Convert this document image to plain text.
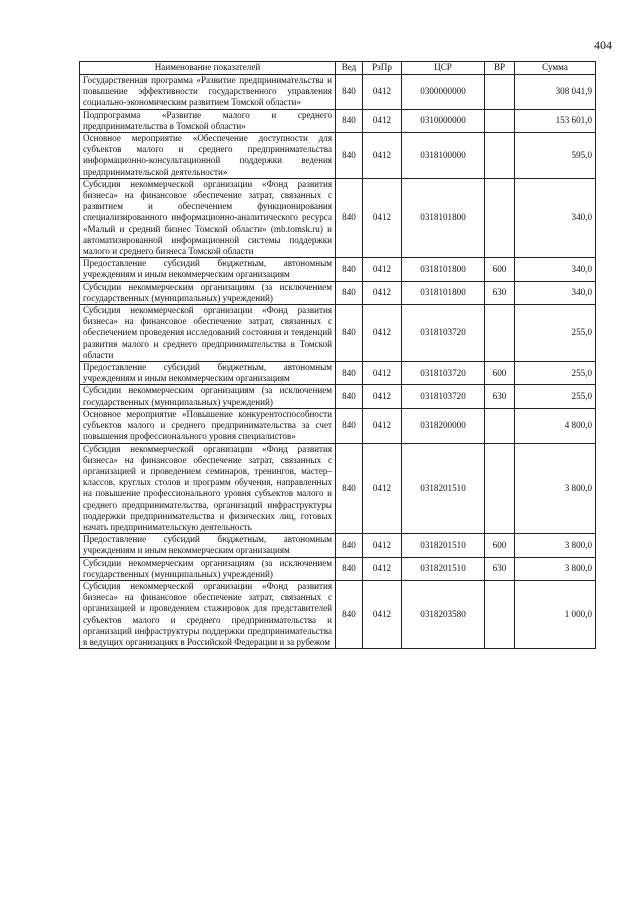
404
Наименование показателей	Вед	РзПр	ЦСР	ВР	Сумма
Государственная программа «Развитие предпринимательства и повышение эффективности государственного управления социально-экономическим развитием Томской области»	840	0412	0300000000		308 041,9
Подпрограмма «Развитие малого и среднего предпринимательства в Томской области»	840	0412	0310000000		153 601,0
Основное мероприятие «Обеспечение доступности для субъектов малого и среднего предпринимательства информационно-консультационной поддержки ведения предпринимательской деятельности»	840	0412	0318100000		595,0
Субсидия некоммерческой организации «Фонд развития бизнеса» на финансовое обеспечение затрат, связанных с развитием и обеспечением функционирования специализированного информационно-аналитического ресурса «Малый и средний бизнес Томской области» (mb.tomsk.ru) и автоматизированной информационной системы поддержки малого и среднего бизнеса Томской области	840	0412	0318101800		340,0
Предоставление субсидий бюджетным, автономным учреждениям и иным некоммерческим организациям	840	0412	0318101800	600	340,0
Субсидии некоммерческим организациям (за исключением государственных (муниципальных) учреждений)	840	0412	0318101800	630	340,0
Субсидия некоммерческой организации «Фонд развития бизнеса» на финансовое обеспечение затрат, связанных с обеспечением проведения исследований состояния и тенденций развития малого и среднего предпринимательства в Томской области	840	0412	0318103720		255,0
Предоставление субсидий бюджетным, автономным учреждениям и иным некоммерческим организациям	840	0412	0318103720	600	255,0
Субсидии некоммерческим организациям (за исключением государственных (муниципальных) учреждений)	840	0412	0318103720	630	255,0
Основное мероприятие «Повышение конкурентоспособности субъектов малого и среднего предпринимательства за счет повышения профессионального уровня специалистов»	840	0412	0318200000		4 800,0
Субсидия некоммерческой организации «Фонд развития бизнеса» на финансовое обеспечение затрат, связанных с организацией и проведением семинаров, тренингов, мастер–классов, круглых столов и программ обучения, направленных на повышение профессионального уровня субъектов малого и среднего предпринимательства, организаций инфраструктуры поддержки предпринимательства и физических лиц, готовых начать предпринимательскую деятельность	840	0412	0318201510		3 800,0
Предоставление субсидий бюджетным, автономным учреждениям и иным некоммерческим организациям	840	0412	0318201510	600	3 800,0
Субсидии некоммерческим организациям (за исключением государственных (муниципальных) учреждений)	840	0412	0318201510	630	3 800,0
Субсидия некоммерческой организации «Фонд развития бизнеса» на финансовое обеспечение затрат, связанных с организацией и проведением стажировок для представителей субъектов малого и среднего предпринимательства и организаций инфраструктуры поддержки предпринимательства в ведущих организациях в Российской Федерации и за рубежом	840	0412	0318203580		1 000,0
